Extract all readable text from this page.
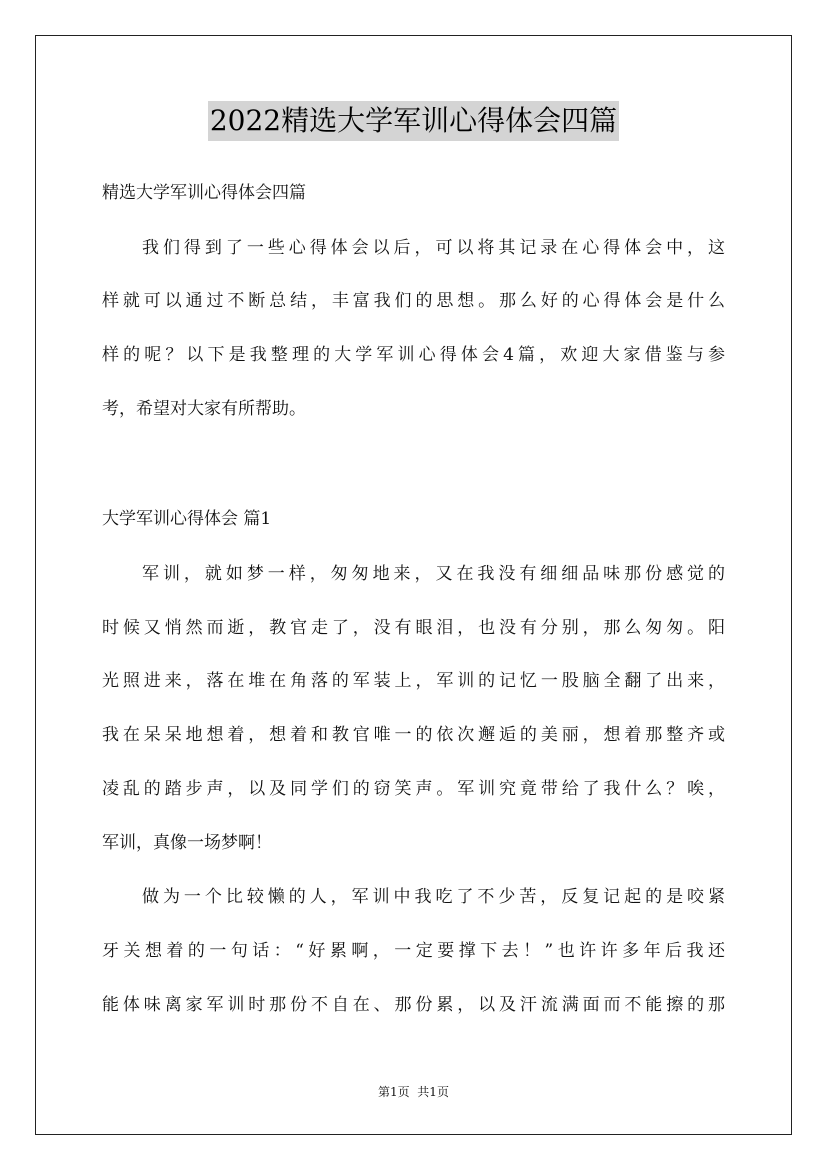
2022精选大学军训心得体会四篇
精选大学军训心得体会四篇
我们得到了一些心得体会以后，可以将其记录在心得体会中，这
样就可以通过不断总结，丰富我们的思想。那么好的心得体会是什么
样的呢？以下是我整理的大学军训心得体会4篇，欢迎大家借鉴与参
考，希望对大家有所帮助。
大学军训心得体会 篇1
军训，就如梦一样，匆匆地来，又在我没有细细品味那份感觉的
时候又悄然而逝，教官走了，没有眼泪，也没有分别，那么匆匆。阳
光照进来，落在堆在角落的军装上，军训的记忆一股脑全翻了出来，
我在呆呆地想着，想着和教官唯一的依次邂逅的美丽，想着那整齐或
凌乱的踏步声，以及同学们的窃笑声。军训究竟带给了我什么？唉，
军训，真像一场梦啊！
做为一个比较懒的人，军训中我吃了不少苦，反复记起的是咬紧
牙关想着的一句话：“好累啊，一定要撑下去！”也许许多年后我还
能体味离家军训时那份不自在、那份累，以及汗流满面而不能擦的那
第1页  共1页
